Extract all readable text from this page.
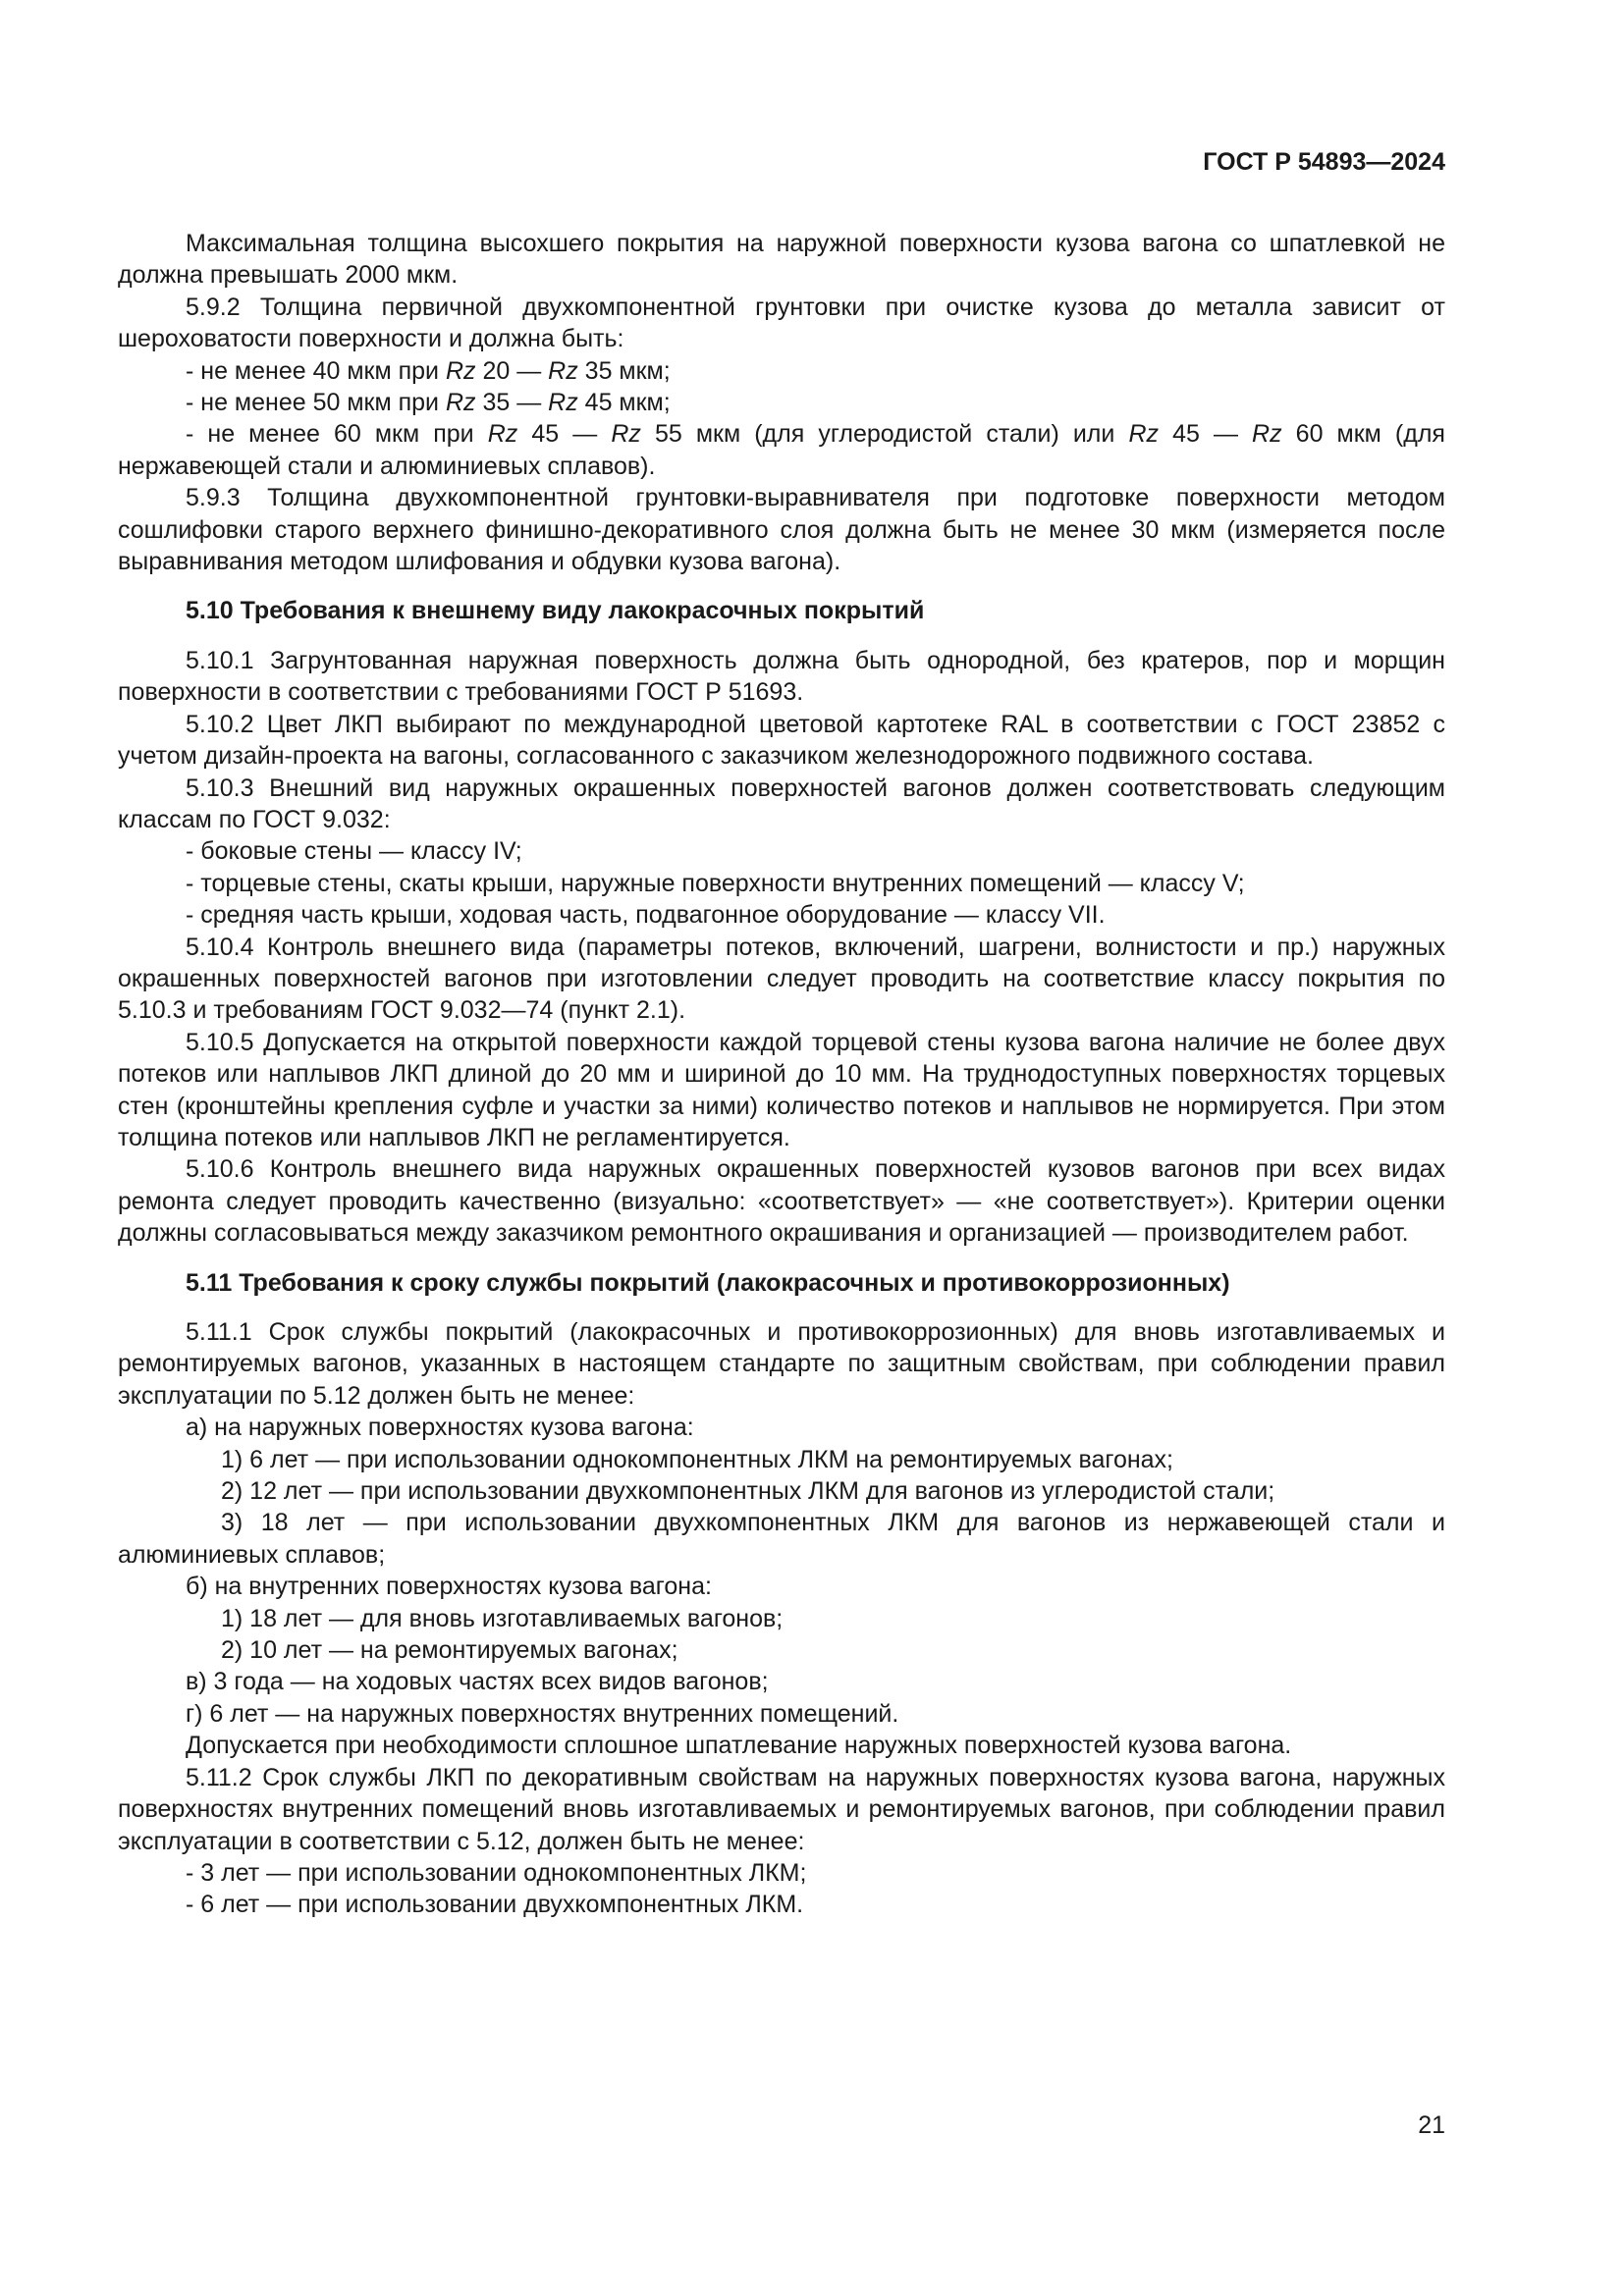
ГОСТ Р 54893—2024

Максимальная толщина высохшего покрытия на наружной поверхности кузова вагона со шпатлевкой не должна превышать 2000 мкм.

5.9.2 Толщина первичной двухкомпонентной грунтовки при очистке кузова до металла зависит от шероховатости поверхности и должна быть:

- не менее 40 мкм при Rz 20 — Rz 35 мкм;

- не менее 50 мкм при Rz 35 — Rz 45 мкм;

- не менее 60 мкм при Rz 45 — Rz 55 мкм (для углеродистой стали) или Rz 45 — Rz 60 мкм (для нержавеющей стали и алюминиевых сплавов).

5.9.3 Толщина двухкомпонентной грунтовки-выравнивателя при подготовке поверхности методом сошлифовки старого верхнего финишно-декоративного слоя должна быть не менее 30 мкм (измеряется после выравнивания методом шлифования и обдувки кузова вагона).

5.10 Требования к внешнему виду лакокрасочных покрытий

5.10.1 Загрунтованная наружная поверхность должна быть однородной, без кратеров, пор и морщин поверхности в соответствии с требованиями ГОСТ Р 51693.

5.10.2 Цвет ЛКП выбирают по международной цветовой картотеке RAL в соответствии с ГОСТ 23852 с учетом дизайн-проекта на вагоны, согласованного с заказчиком железнодорожного подвижного состава.

5.10.3 Внешний вид наружных окрашенных поверхностей вагонов должен соответствовать следующим классам по ГОСТ 9.032:

- боковые стены — классу IV;

- торцевые стены, скаты крыши, наружные поверхности внутренних помещений — классу V;

- средняя часть крыши, ходовая часть, подвагонное оборудование — классу VII.

5.10.4 Контроль внешнего вида (параметры потеков, включений, шагрени, волнистости и пр.) наружных окрашенных поверхностей вагонов при изготовлении следует проводить на соответствие классу покрытия по 5.10.3 и требованиям ГОСТ 9.032—74 (пункт 2.1).

5.10.5 Допускается на открытой поверхности каждой торцевой стены кузова вагона наличие не более двух потеков или наплывов ЛКП длиной до 20 мм и шириной до 10 мм. На труднодоступных поверхностях торцевых стен (кронштейны крепления суфле и участки за ними) количество потеков и наплывов не нормируется. При этом толщина потеков или наплывов ЛКП не регламентируется.

5.10.6 Контроль внешнего вида наружных окрашенных поверхностей кузовов вагонов при всех видах ремонта следует проводить качественно (визуально: «соответствует» — «не соответствует»). Критерии оценки должны согласовываться между заказчиком ремонтного окрашивания и организацией — производителем работ.

5.11 Требования к сроку службы покрытий (лакокрасочных и противокоррозионных)

5.11.1 Срок службы покрытий (лакокрасочных и противокоррозионных) для вновь изготавливаемых и ремонтируемых вагонов, указанных в настоящем стандарте по защитным свойствам, при соблюдении правил эксплуатации по 5.12 должен быть не менее:

а) на наружных поверхностях кузова вагона:

1) 6 лет — при использовании однокомпонентных ЛКМ на ремонтируемых вагонах;

2) 12 лет — при использовании двухкомпонентных ЛКМ для вагонов из углеродистой стали;

3) 18 лет — при использовании двухкомпонентных ЛКМ для вагонов из нержавеющей стали и алюминиевых сплавов;

б) на внутренних поверхностях кузова вагона:

1) 18 лет — для вновь изготавливаемых вагонов;

2) 10 лет — на ремонтируемых вагонах;

в) 3 года — на ходовых частях всех видов вагонов;

г) 6 лет — на наружных поверхностях внутренних помещений.

Допускается при необходимости сплошное шпатлевание наружных поверхностей кузова вагона.

5.11.2 Срок службы ЛКП по декоративным свойствам на наружных поверхностях кузова вагона, наружных поверхностях внутренних помещений вновь изготавливаемых и ремонтируемых вагонов, при соблюдении правил эксплуатации в соответствии с 5.12, должен быть не менее:

- 3 лет — при использовании однокомпонентных ЛКМ;

- 6 лет — при использовании двухкомпонентных ЛКМ.

21
